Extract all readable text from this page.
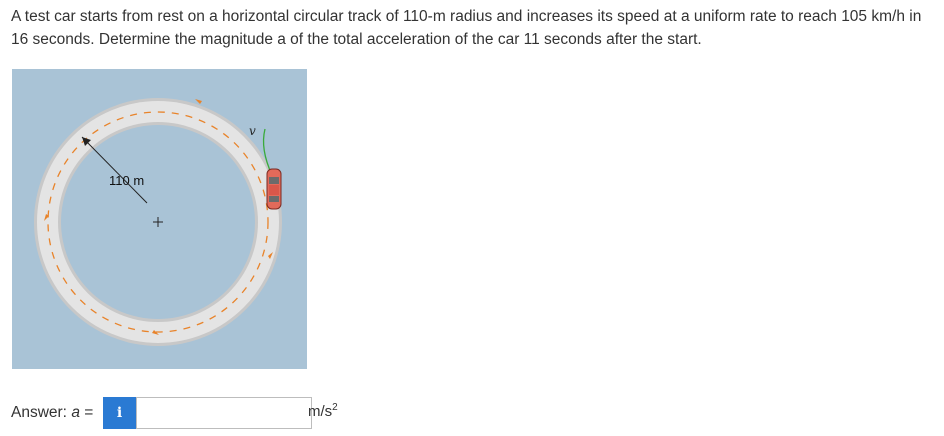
A test car starts from rest on a horizontal circular track of 110-m radius and increases its speed at a uniform rate to reach 105 km/h in 16 seconds. Determine the magnitude a of the total acceleration of the car 11 seconds after the start.
110 m
v
Answer: a =	i	$m/s^2$
